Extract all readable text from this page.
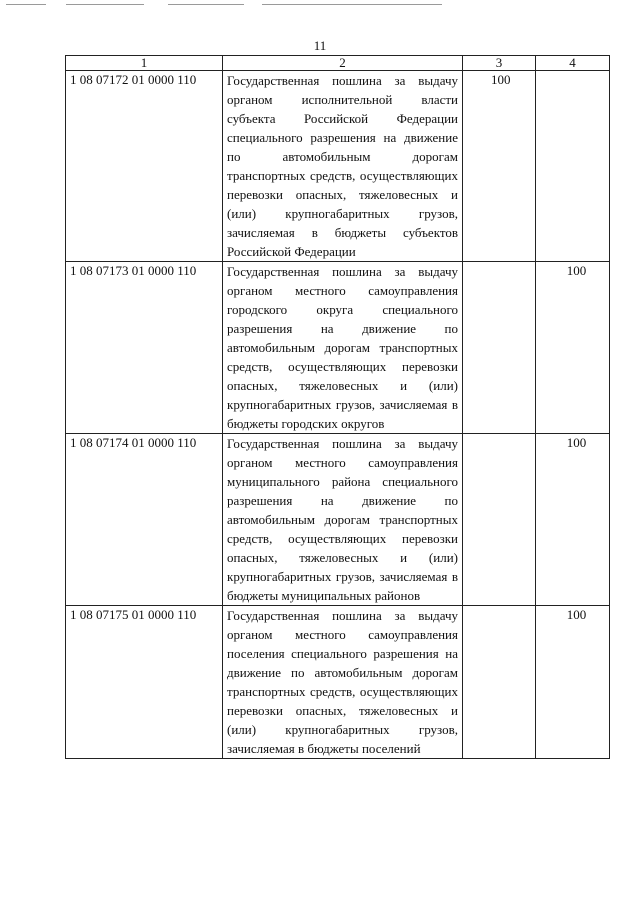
11
1	2	3	4
1 08 07172 01 0000 110	Государственная пошлина за выдачу органом исполнительной власти субъекта Российской Федерации специального разрешения на движение по автомобильным дорогам транспортных средств, осуществляющих перевозки опасных, тяжеловесных и (или) крупногабаритных грузов, зачисляемая в бюджеты субъектов Российской Федерации	100	

1 08 07173 01 0000 110	Государственная пошлина за выдачу органом местного самоуправления городского округа специального разрешения на движение по автомобильным дорогам транспортных средств, осуществляющих перевозки опасных, тяжеловесных и (или) крупногабаритных грузов, зачисляемая в бюджеты городских округов		100

1 08 07174 01 0000 110	Государственная пошлина за выдачу органом местного самоуправления муниципального района специального разрешения на движение по автомобильным дорогам транспортных средств, осуществляющих перевозки опасных, тяжеловесных и (или) крупногабаритных грузов, зачисляемая в бюджеты муниципальных районов		100

1 08 07175 01 0000 110	Государственная пошлина за выдачу органом местного самоуправления поселения специального разрешения на движение по автомобильным дорогам транспортных средств, осуществляющих перевозки опасных, тяжеловесных и (или) крупногабаритных грузов, зачисляемая в бюджеты поселений		100
